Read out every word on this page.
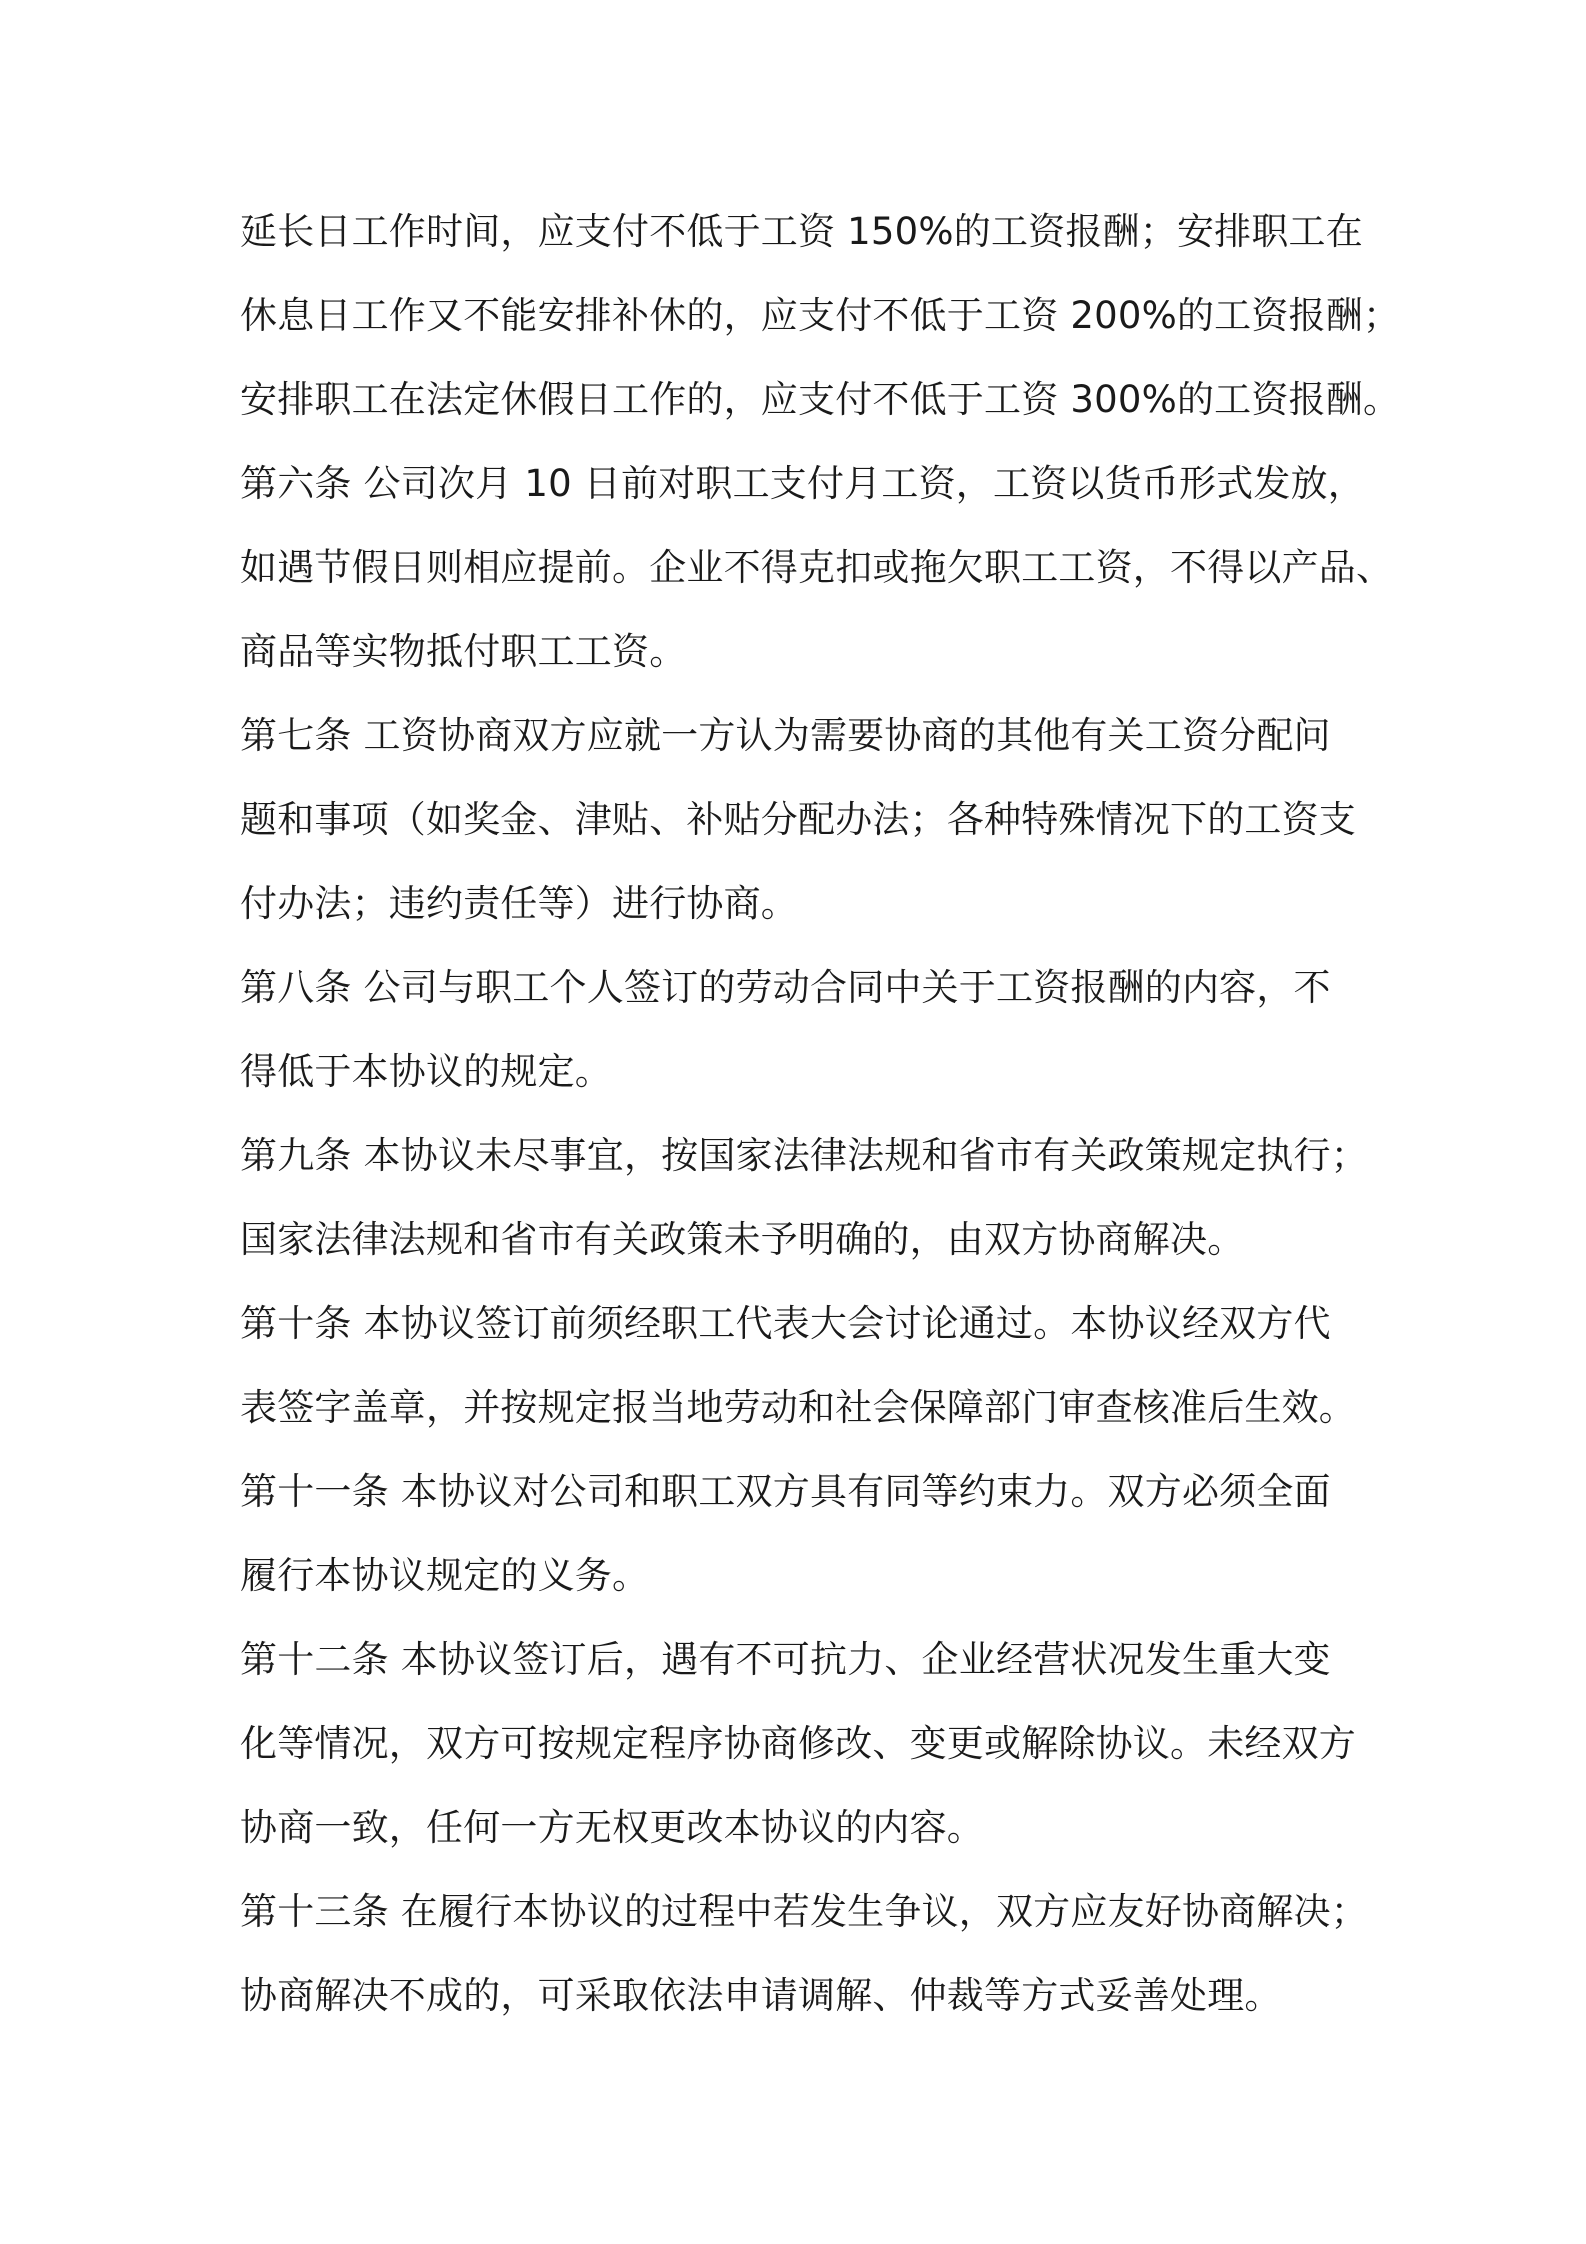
延长日工作时间，应支付不低于工资 150%的工资报酬；安排职工在
休息日工作又不能安排补休的，应支付不低于工资 200%的工资报酬；
安排职工在法定休假日工作的，应支付不低于工资 300%的工资报酬。
第六条 公司次月 10 日前对职工支付月工资，工资以货币形式发放，
如遇节假日则相应提前。企业不得克扣或拖欠职工工资，不得以产品、
商品等实物抵付职工工资。
第七条 工资协商双方应就一方认为需要协商的其他有关工资分配问
题和事项（如奖金、津贴、补贴分配办法；各种特殊情况下的工资支
付办法；违约责任等）进行协商。
第八条 公司与职工个人签订的劳动合同中关于工资报酬的内容，不
得低于本协议的规定。
第九条 本协议未尽事宜，按国家法律法规和省市有关政策规定执行；
国家法律法规和省市有关政策未予明确的，由双方协商解决。
第十条 本协议签订前须经职工代表大会讨论通过。本协议经双方代
表签字盖章，并按规定报当地劳动和社会保障部门审查核准后生效。
第十一条 本协议对公司和职工双方具有同等约束力。双方必须全面
履行本协议规定的义务。
第十二条 本协议签订后，遇有不可抗力、企业经营状况发生重大变
化等情况，双方可按规定程序协商修改、变更或解除协议。未经双方
协商一致，任何一方无权更改本协议的内容。
第十三条 在履行本协议的过程中若发生争议，双方应友好协商解决；
协商解决不成的，可采取依法申请调解、仲裁等方式妥善处理。
